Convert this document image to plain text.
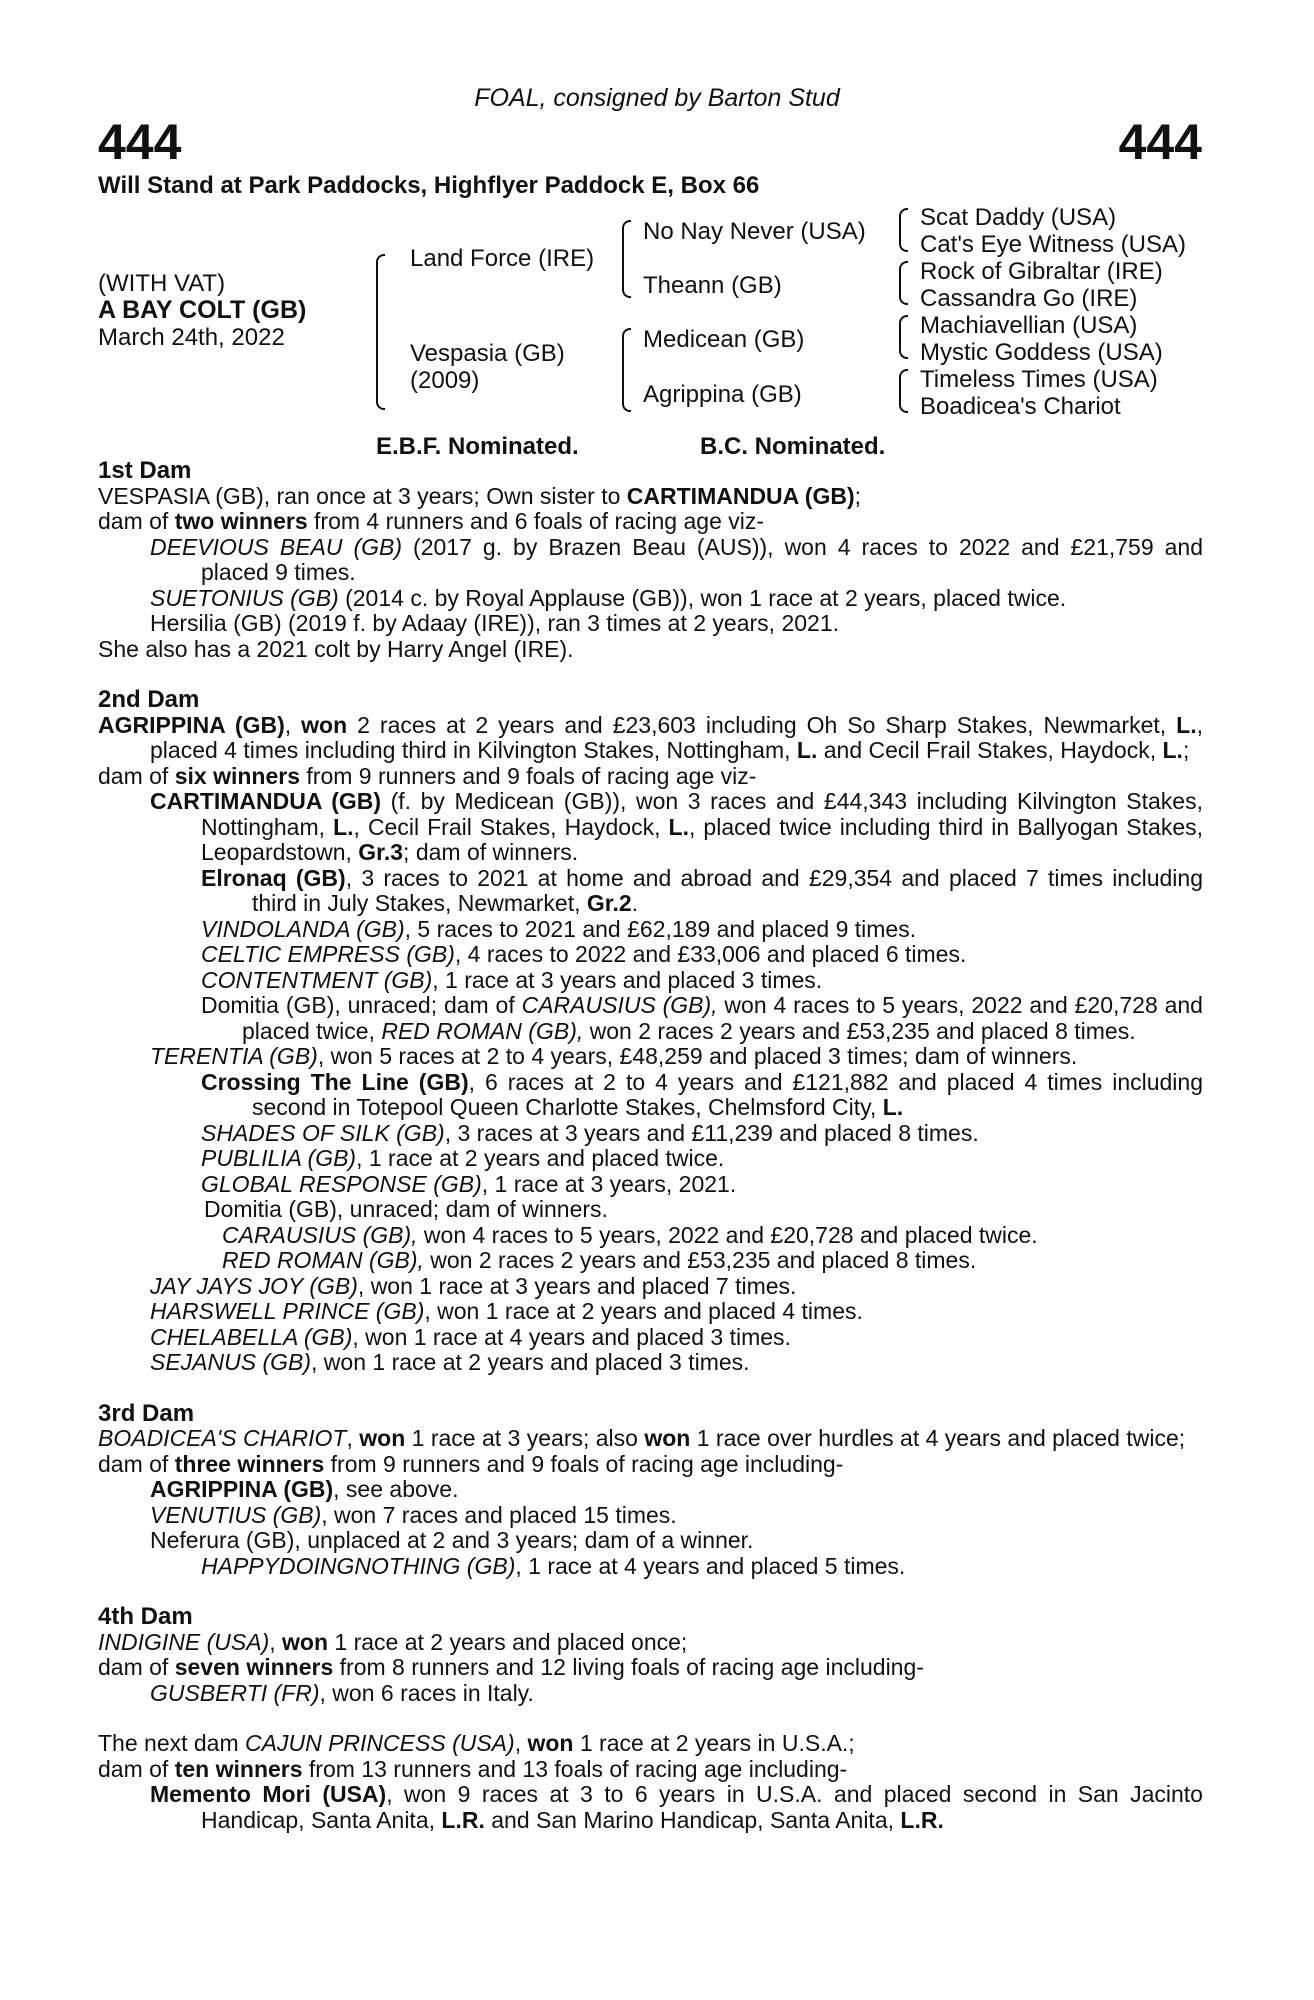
FOAL, consigned by Barton Stud
444	444
Will Stand at Park Paddocks, Highflyer Paddock E, Box 66
(WITH VAT)
A BAY COLT (GB)
March 24th, 2022
Land Force (IRE)
Vespasia (GB)
(2009)
No Nay Never (USA)
Theann (GB)
Medicean (GB)
Agrippina (GB)
Scat Daddy (USA)
Cat's Eye Witness (USA)
Rock of Gibraltar (IRE)
Cassandra Go (IRE)
Machiavellian (USA)
Mystic Goddess (USA)
Timeless Times (USA)
Boadicea's Chariot
E.B.F. Nominated.	B.C. Nominated.
1st Dam

VESPASIA (GB), ran once at 3 years; Own sister to CARTIMANDUA (GB);

dam of two winners from 4 runners and 6 foals of racing age viz-

DEEVIOUS BEAU (GB) (2017 g. by Brazen Beau (AUS)), won 4 races to 2022 and £21,759 and placed 9 times.

SUETONIUS (GB) (2014 c. by Royal Applause (GB)), won 1 race at 2 years, placed twice.

Hersilia (GB) (2019 f. by Adaay (IRE)), ran 3 times at 2 years, 2021.

She also has a 2021 colt by Harry Angel (IRE).

2nd Dam

AGRIPPINA (GB), won 2 races at 2 years and £23,603 including Oh So Sharp Stakes, Newmarket, L., placed 4 times including third in Kilvington Stakes, Nottingham, L. and Cecil Frail Stakes, Haydock, L.;

dam of six winners from 9 runners and 9 foals of racing age viz-

CARTIMANDUA (GB) (f. by Medicean (GB)), won 3 races and £44,343 including Kilvington Stakes, Nottingham, L., Cecil Frail Stakes, Haydock, L., placed twice including third in Ballyogan Stakes, Leopardstown, Gr.3; dam of winners.

Elronaq (GB), 3 races to 2021 at home and abroad and £29,354 and placed 7 times including third in July Stakes, Newmarket, Gr.2.

VINDOLANDA (GB), 5 races to 2021 and £62,189 and placed 9 times.

CELTIC EMPRESS (GB), 4 races to 2022 and £33,006 and placed 6 times.

CONTENTMENT (GB), 1 race at 3 years and placed 3 times.

Domitia (GB), unraced; dam of CARAUSIUS (GB), won 4 races to 5 years, 2022 and £20,728 and placed twice, RED ROMAN (GB), won 2 races 2 years and £53,235 and placed 8 times.

TERENTIA (GB), won 5 races at 2 to 4 years, £48,259 and placed 3 times; dam of winners.

Crossing The Line (GB), 6 races at 2 to 4 years and £121,882 and placed 4 times including second in Totepool Queen Charlotte Stakes, Chelmsford City, L.

SHADES OF SILK (GB), 3 races at 3 years and £11,239 and placed 8 times.

PUBLILIA (GB), 1 race at 2 years and placed twice.

GLOBAL RESPONSE (GB), 1 race at 3 years, 2021.

Domitia (GB), unraced; dam of winners.

CARAUSIUS (GB), won 4 races to 5 years, 2022 and £20,728 and placed twice.

RED ROMAN (GB), won 2 races 2 years and £53,235 and placed 8 times.

JAY JAYS JOY (GB), won 1 race at 3 years and placed 7 times.

HARSWELL PRINCE (GB), won 1 race at 2 years and placed 4 times.

CHELABELLA (GB), won 1 race at 4 years and placed 3 times.

SEJANUS (GB), won 1 race at 2 years and placed 3 times.

3rd Dam

BOADICEA'S CHARIOT, won 1 race at 3 years; also won 1 race over hurdles at 4 years and placed twice;

dam of three winners from 9 runners and 9 foals of racing age including-

AGRIPPINA (GB), see above.

VENUTIUS (GB), won 7 races and placed 15 times.

Neferura (GB), unplaced at 2 and 3 years; dam of a winner.

HAPPYDOINGNOTHING (GB), 1 race at 4 years and placed 5 times.

4th Dam

INDIGINE (USA), won 1 race at 2 years and placed once;

dam of seven winners from 8 runners and 12 living foals of racing age including-

GUSBERTI (FR), won 6 races in Italy.

The next dam CAJUN PRINCESS (USA), won 1 race at 2 years in U.S.A.;

dam of ten winners from 13 runners and 13 foals of racing age including-

Memento Mori (USA), won 9 races at 3 to 6 years in U.S.A. and placed second in San Jacinto Handicap, Santa Anita, L.R. and San Marino Handicap, Santa Anita, L.R.
